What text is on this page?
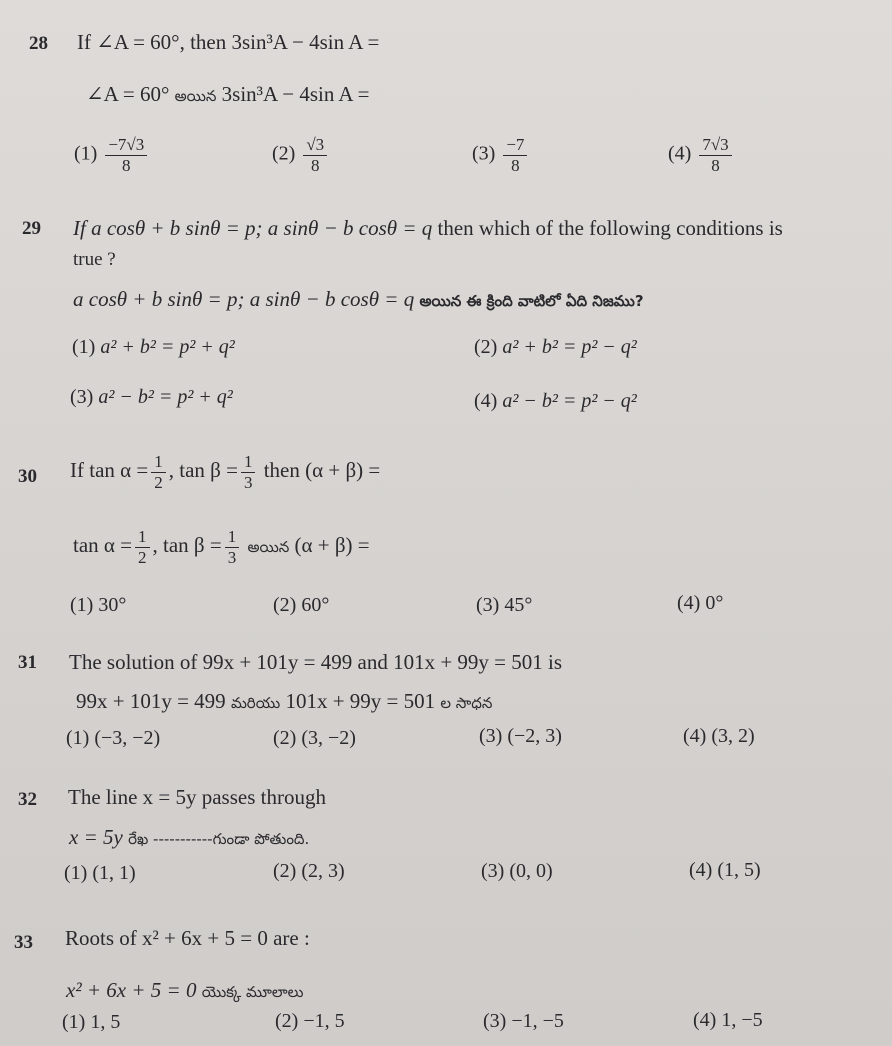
28 If ∠A = 60°, then 3sin³A − 4sin A =
∠A = 60° అయిన 3sin³A − 4sin A =
$(1) \frac{-7√3}{8}$	$(2) \frac{√3}{8}$	$(3) \frac{-7}{8}$	$(4) \frac{7√3}{8}$
29 If a cosθ + b sinθ = p; a sinθ − b cosθ = q then which of the following conditions is
true ?
a cosθ + b sinθ = p; a sinθ − b cosθ = q అయిన ఈ క్రింది వాటిలో ఏది నిజము?
(1) a² + b² = p² + q²	(2) a² + b² = p² − q²
(3) a² − b² = p² + q²	(4) a² − b² = p² − q²
30 If $\tan \alpha = \frac{1}{2}$ , $\tan \beta = \frac{1}{3}$ then (α + β) =
$\tan \alpha = \frac{1}{2}$ , $\tan \beta = \frac{1}{3}$ అయిన (α + β) =
(1) 30°	(2) 60°	(3) 45°	(4) 0°
31 The solution of 99x + 101y = 499 and 101x + 99y = 501 is
99x + 101y = 499 మరియు 101x + 99y = 501 ల సాధన
(1) (−3, −2)	(2) (3, −2)	(3) (−2, 3)	(4) (3, 2)
32 The line x = 5y passes through
x = 5y రేఖ -----------గుండా పోతుంది.
(1) (1, 1)	(2) (2, 3)	(3) (0, 0)	(4) (1, 5)
33 Roots of x² + 6x + 5 = 0 are :
x² + 6x + 5 = 0 యొక్క మూలాలు
(1) 1, 5	(2) −1, 5	(3) −1, −5	(4) 1, −5
